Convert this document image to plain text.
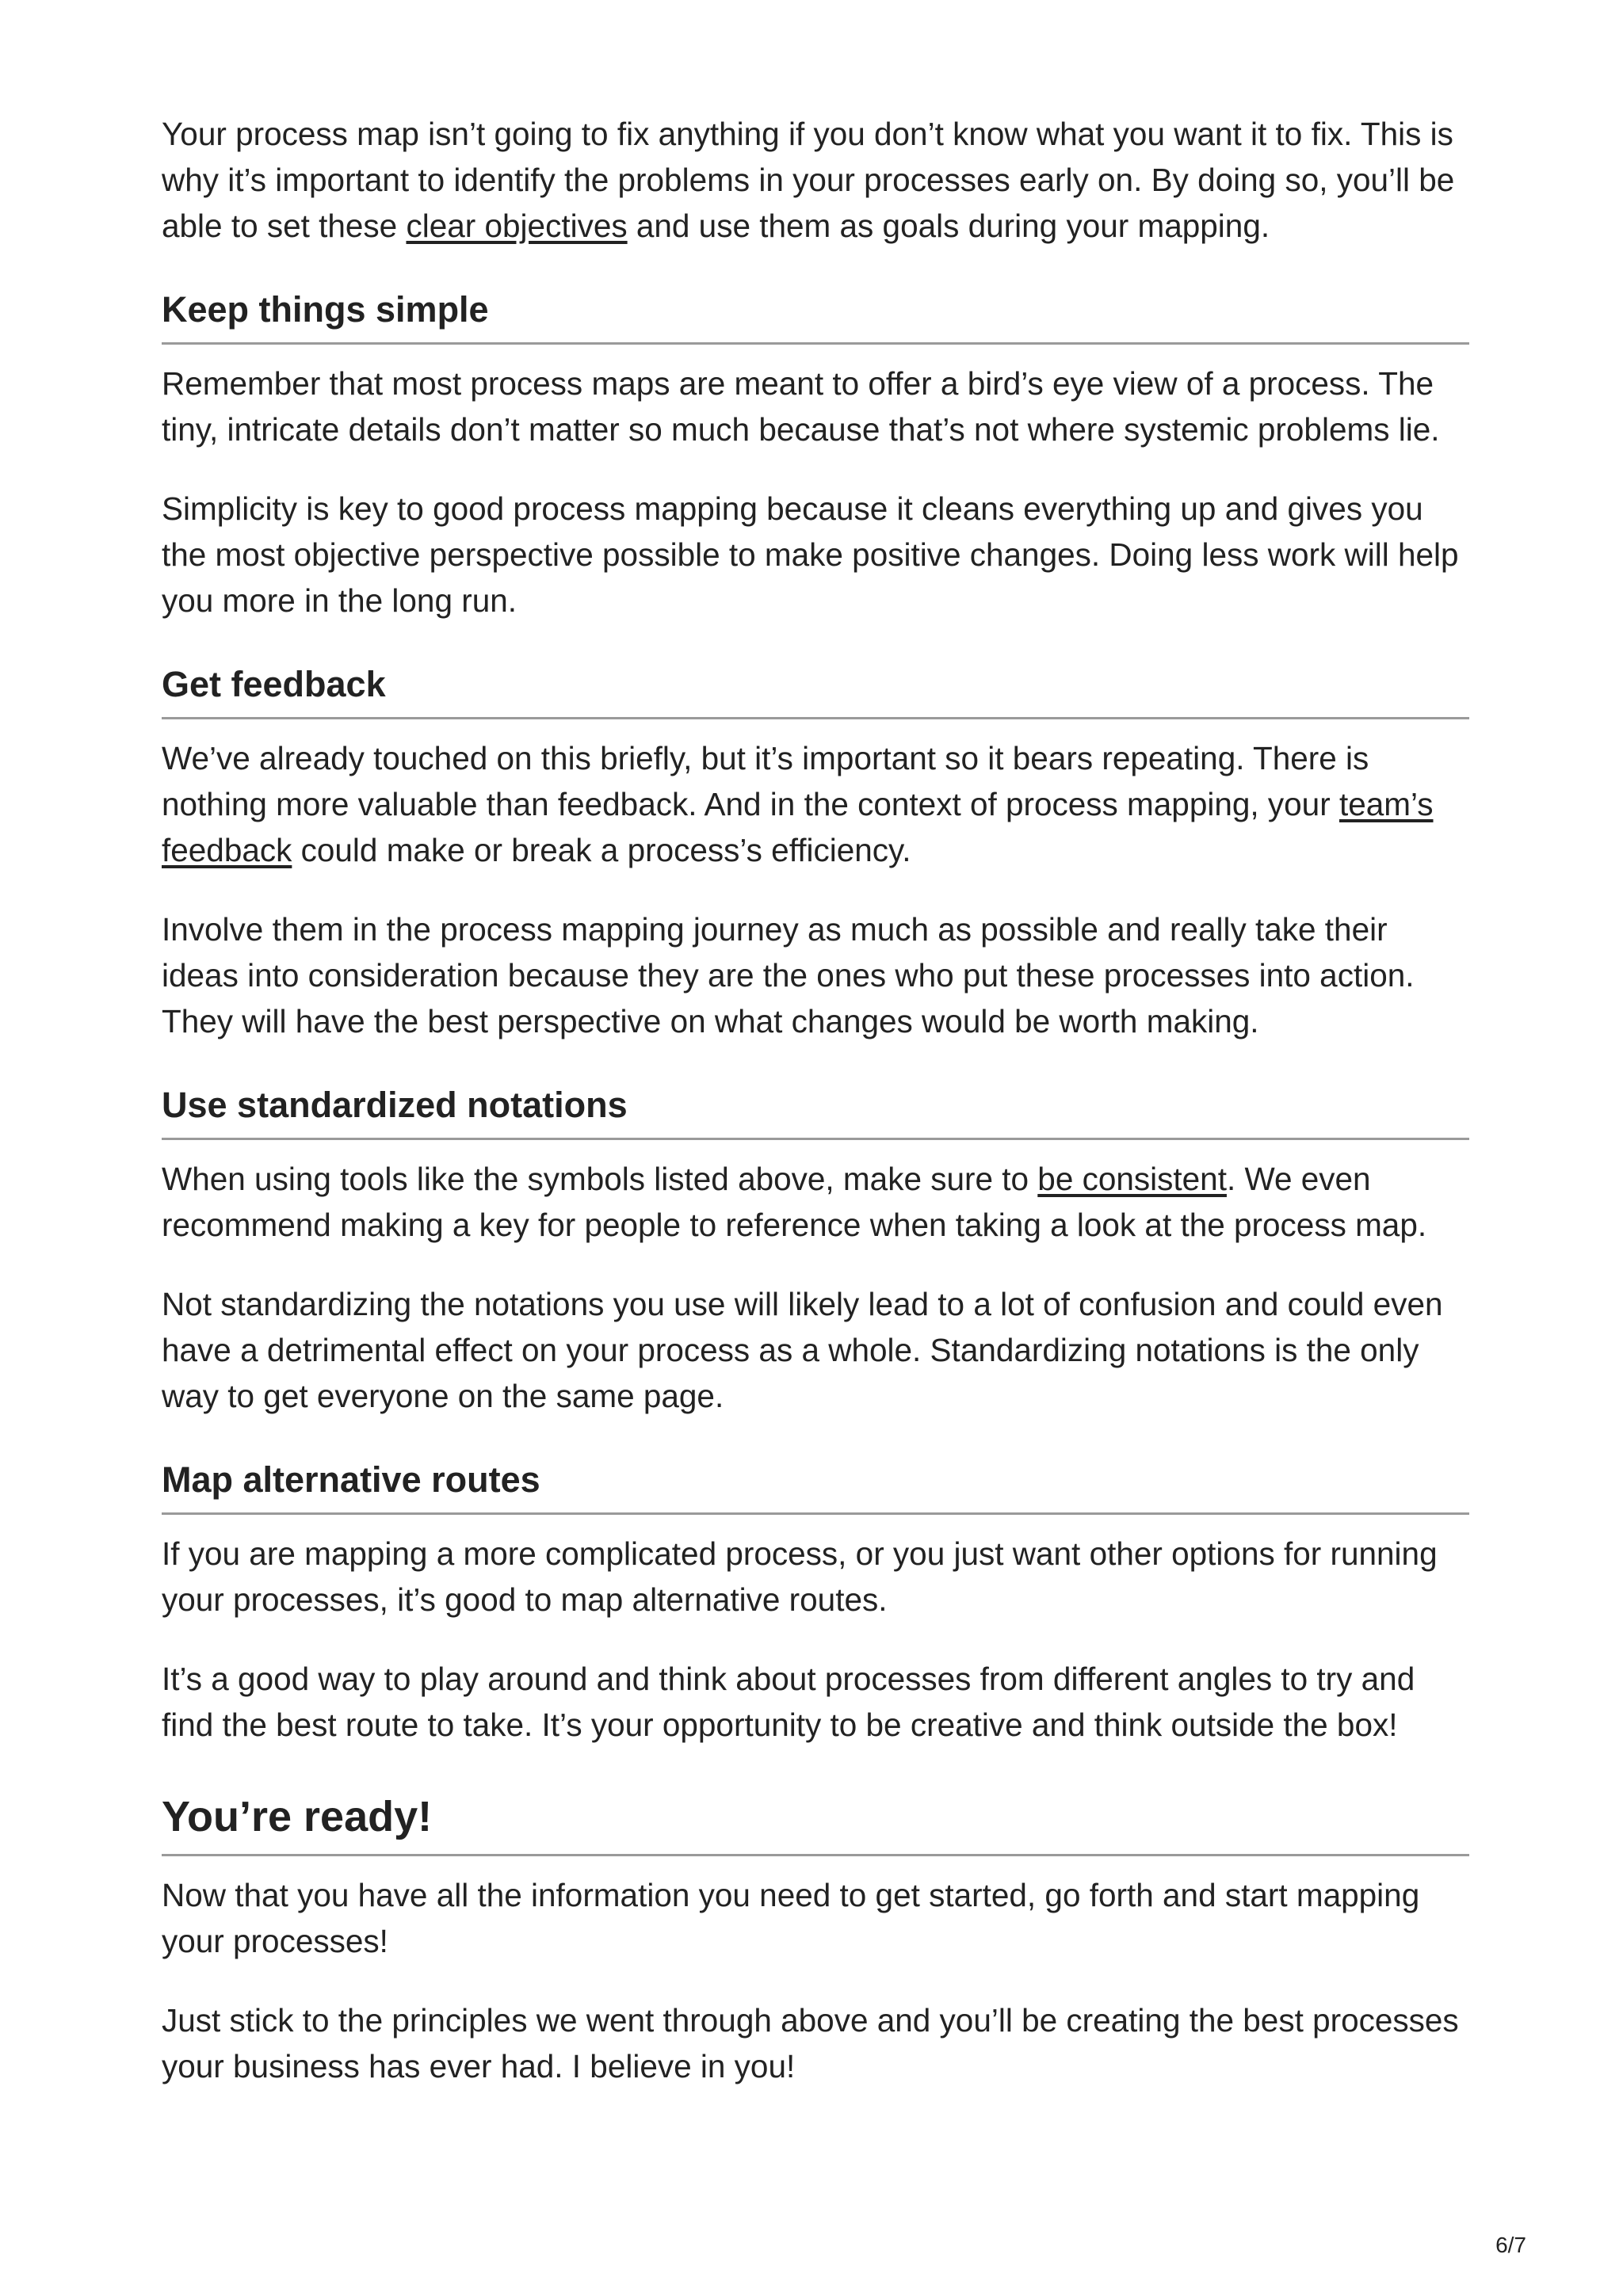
Your process map isn’t going to fix anything if you don’t know what you want it to fix. This is why it’s important to identify the problems in your processes early on. By doing so, you’ll be able to set these clear objectives and use them as goals during your mapping.

Keep things simple

Remember that most process maps are meant to offer a bird’s eye view of a process. The tiny, intricate details don’t matter so much because that’s not where systemic problems lie.

Simplicity is key to good process mapping because it cleans everything up and gives you the most objective perspective possible to make positive changes. Doing less work will help you more in the long run.

Get feedback

We’ve already touched on this briefly, but it’s important so it bears repeating. There is nothing more valuable than feedback. And in the context of process mapping, your team’s feedback could make or break a process’s efficiency.

Involve them in the process mapping journey as much as possible and really take their ideas into consideration because they are the ones who put these processes into action. They will have the best perspective on what changes would be worth making.

Use standardized notations

When using tools like the symbols listed above, make sure to be consistent. We even recommend making a key for people to reference when taking a look at the process map.

Not standardizing the notations you use will likely lead to a lot of confusion and could even have a detrimental effect on your process as a whole. Standardizing notations is the only way to get everyone on the same page.

Map alternative routes

If you are mapping a more complicated process, or you just want other options for running your processes, it’s good to map alternative routes.

It’s a good way to play around and think about processes from different angles to try and find the best route to take. It’s your opportunity to be creative and think outside the box!

You’re ready!

Now that you have all the information you need to get started, go forth and start mapping your processes!

Just stick to the principles we went through above and you’ll be creating the best processes your business has ever had. I believe in you!

6/7
